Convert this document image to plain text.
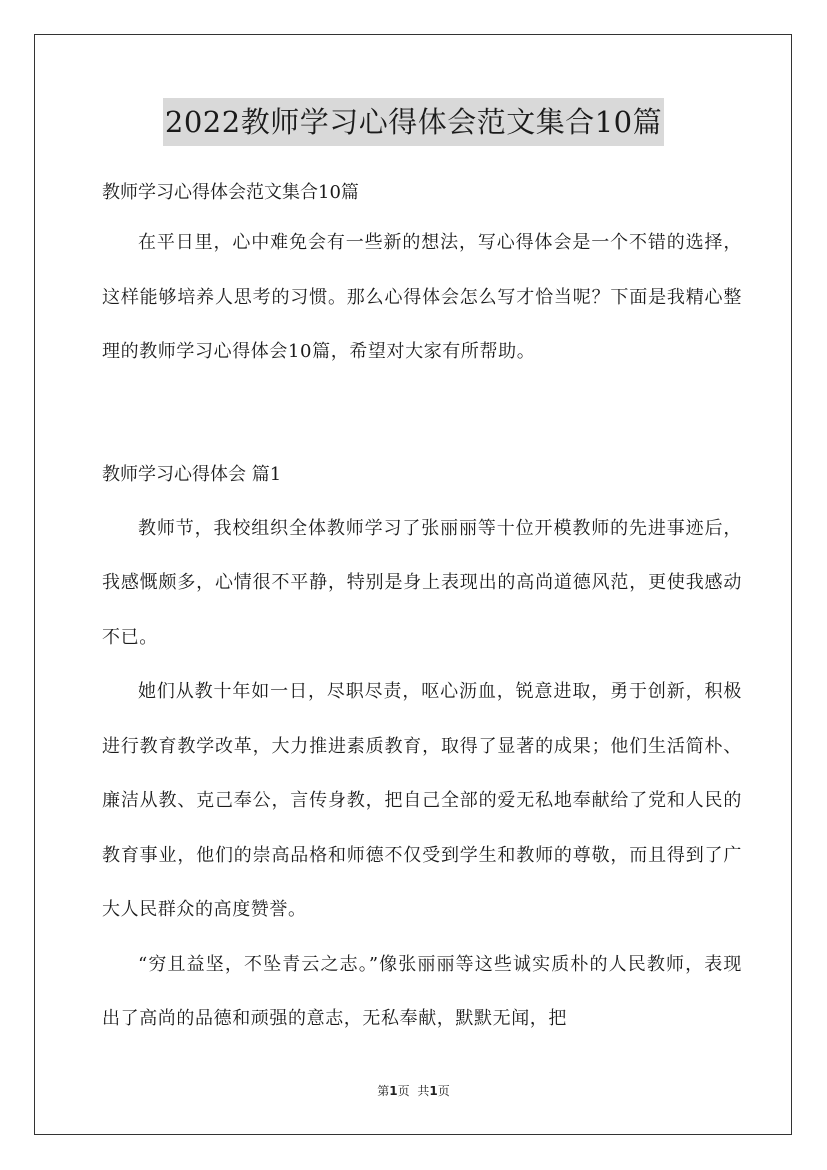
2022教师学习心得体会范文集合10篇
教师学习心得体会范文集合10篇

在平日里，心中难免会有一些新的想法，写心得体会是一个不错的选择，这样能够培养人思考的习惯。那么心得体会怎么写才恰当呢？下面是我精心整理的教师学习心得体会10篇，希望对大家有所帮助。

教师学习心得体会 篇1

教师节，我校组织全体教师学习了张丽丽等十位开模教师的先进事迹后，我感慨颇多，心情很不平静，特别是身上表现出的高尚道德风范，更使我感动不已。

她们从教十年如一日，尽职尽责，呕心沥血，锐意进取，勇于创新，积极进行教育教学改革，大力推进素质教育，取得了显著的成果；他们生活简朴、廉洁从教、克己奉公，言传身教，把自己全部的爱无私地奉献给了党和人民的教育事业，他们的崇高品格和师德不仅受到学生和教师的尊敬，而且得到了广大人民群众的高度赞誉。

“穷且益坚，不坠青云之志。”像张丽丽等这些诚实质朴的人民教师，表现出了高尚的品德和顽强的意志，无私奉献，默默无闻，把

第1页 共1页
